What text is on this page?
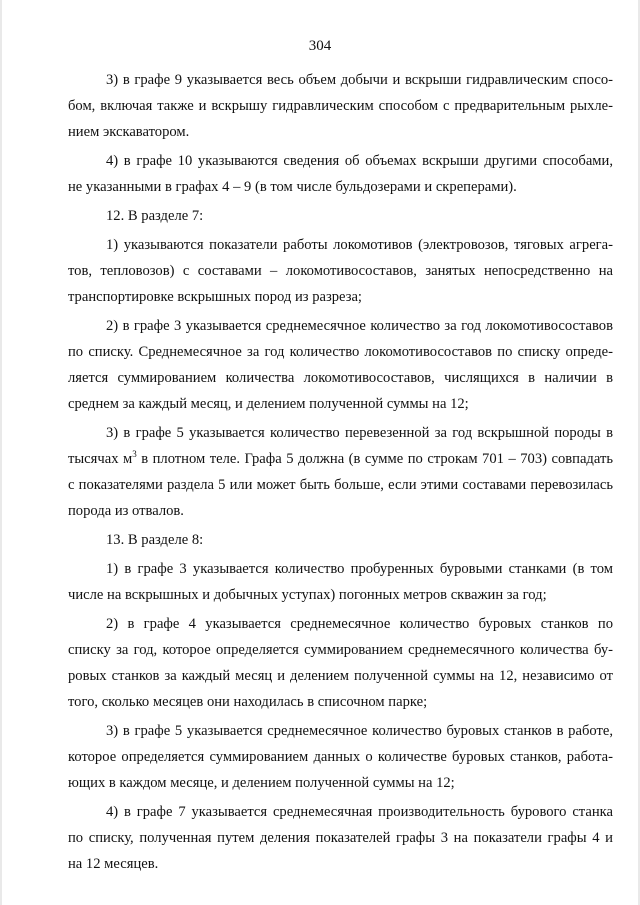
304

3) в графе 9 указывается весь объем добычи и вскрыши гидравлическим спосо-
бом, включая также и вскрышу гидравлическим способом с предварительным рыхле-
нием экскаватором.

4) в графе 10 указываются сведения об объемах вскрыши другими способами,
не указанными в графах 4 – 9 (в том числе бульдозерами и скреперами).

12. В разделе 7:

1) указываются показатели работы локомотивов (электровозов, тяговых агрега-
тов, тепловозов) с составами – локомотивосоставов, занятых непосредственно на
транспортировке вскрышных пород из разреза;

2) в графе 3 указывается среднемесячное количество за год локомотивосоставов
по списку. Среднемесячное за год количество локомотивосоставов по списку опреде-
ляется суммированием количества локомотивосоставов, числящихся в наличии в
среднем за каждый месяц, и делением полученной суммы на 12;

3) в графе 5 указывается количество перевезенной за год вскрышной породы в
тысячах $м^3$ в плотном теле. Графа 5 должна (в сумме по строкам 701 – 703) совпадать
с показателями раздела 5 или может быть больше, если этими составами перевозилась
порода из отвалов.

13. В разделе 8:

1) в графе 3 указывается количество пробуренных буровыми станками (в том
числе на вскрышных и добычных уступах) погонных метров скважин за год;

2) в графе 4 указывается среднемесячное количество буровых станков по
списку за год, которое определяется суммированием среднемесячного количества бу-
ровых станков за каждый месяц и делением полученной суммы на 12, независимо от
того, сколько месяцев они находилась в списочном парке;

3) в графе 5 указывается среднемесячное количество буровых станков в работе,
которое определяется суммированием данных о количестве буровых станков, работа-
ющих в каждом месяце, и делением полученной суммы на 12;

4) в графе 7 указывается среднемесячная производительность бурового станка
по списку, полученная путем деления показателей графы 3 на показатели графы 4 и
на 12 месяцев.
